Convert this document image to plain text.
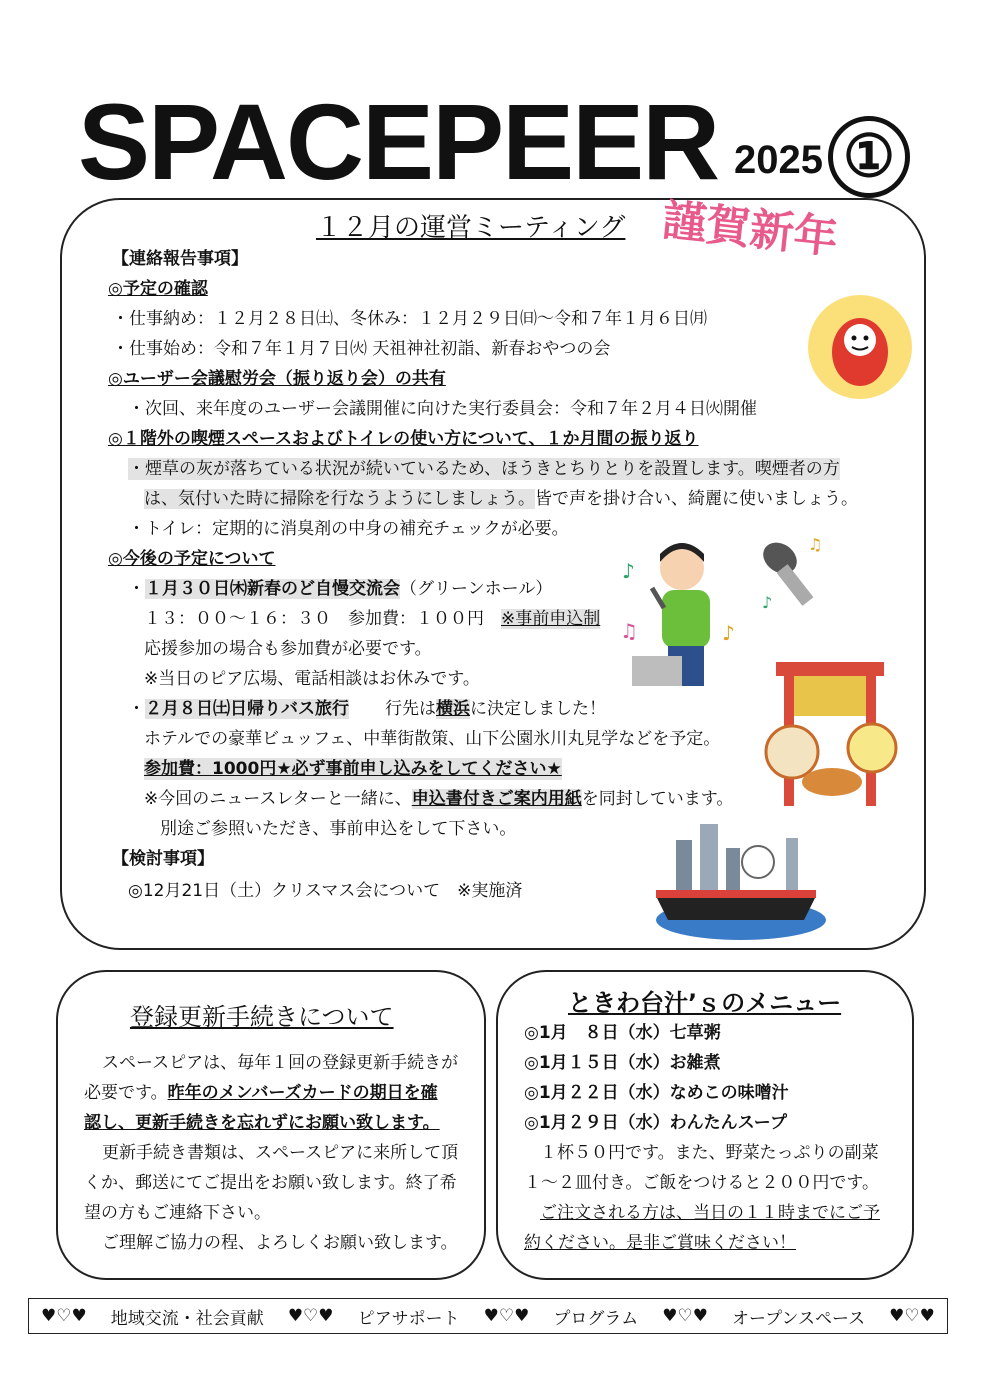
SPACEPEER 2025 ①
１２月の運営ミーティング
【連絡報告事項】
◎予定の確認
・仕事納め：１２月２８日㈯、冬休み：１２月２９日㈰～令和７年１月６日㈪
・仕事始め：令和７年１月７日㈫ 天祖神社初詣、新春おやつの会
◎ユーザー会議慰労会（振り返り会）の共有
・次回、来年度のユーザー会議開催に向けた実行委員会：令和７年２月４日㈫開催
◎１階外の喫煙スペースおよびトイレの使い方について、１か月間の振り返り
・煙草の灰が落ちている状況が続いているため、ほうきとちりとりを設置します。喫煙者の方
は、気付いた時に掃除を行なうようにしましょう。皆で声を掛け合い、綺麗に使いましょう。
・トイレ：定期的に消臭剤の中身の補充チェックが必要。
◎今後の予定について
・１月３０日㈭新春のど自慢交流会（グリーンホール）
１３：００～１６：３０　参加費：１００円　 ※事前申込制
応援参加の場合も参加費が必要です。
※当日のピア広場、電話相談はお休みです。
・２月８日㈯日帰りバス旅行 行先は横浜に決定しました！
ホテルでの豪華ビュッフェ、中華街散策、山下公園氷川丸見学などを予定。
参加費：1000円★必ず事前申し込みをしてください★
※今回のニュースレターと一緒に、申込書付きご案内用紙を同封しています。
別途ご参照いただき、事前申込をして下さい。
【検討事項】
◎12月21日（土）クリスマス会について　※実施済
謹賀新年
♪
♫	♪
♫
♪
登録更新手続きについて
スペースピアは、毎年１回の登録更新手続きが
必要です。昨年のメンバーズカードの期日を確
認し、更新手続きを忘れずにお願い致します。
更新手続き書類は、スペースピアに来所して頂
くか、郵送にてご提出をお願い致します。終了希
望の方もご連絡下さい。
ご理解ご協力の程、よろしくお願い致します。
ときわ台汁’ｓのメニュー
◎1月　８日（水）七草粥
◎1月１５日（水）お雑煮
◎1月２２日（水）なめこの味噌汁
◎1月２９日（水）わんたんスープ
１杯５０円です。また、野菜たっぷりの副菜
１～２皿付き。ご飯をつけると２００円です。
ご注文される方は、当日の１１時までにご予
約ください。是非ご賞味ください！
♥♡♥ 地域交流・社会貢献 ♥♡♥ ピアサポート ♥♡♥ プログラム ♥♡♥ オープンスペース ♥♡♥
